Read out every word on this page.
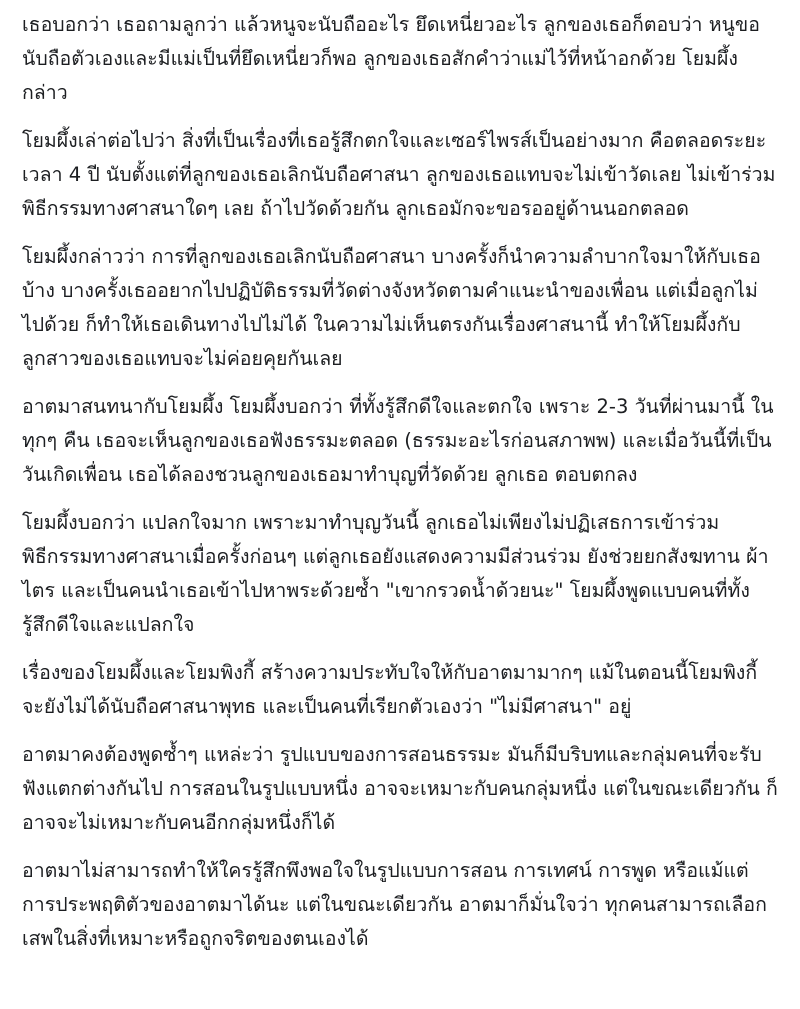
เธอบอกว่า เธอถามลูกว่า แล้วหนูจะนับถืออะไร ยึดเหนี่ยวอะไร ลูกของเธอก็ตอบว่า หนูขอนับถือตัวเองและมีแม่เป็นที่ยึดเหนี่ยวก็พอ ลูกของเธอสักคำว่าแม่ไว้ที่หน้าอกด้วย โยมผึ้งกล่าว

โยมผึ้งเล่าต่อไปว่า สิ่งที่เป็นเรื่องที่เธอรู้สึกตกใจและเซอร์ไพรส์เป็นอย่างมาก คือตลอดระยะเวลา 4 ปี นับตั้งแต่ที่ลูกของเธอเลิกนับถือศาสนา ลูกของเธอแทบจะไม่เข้าวัดเลย ไม่เข้าร่วมพิธีกรรมทางศาสนาใดๆ เลย ถ้าไปวัดด้วยกัน ลูกเธอมักจะขอรออยู่ด้านนอกตลอด

โยมผึ้งกล่าวว่า การที่ลูกของเธอเลิกนับถือศาสนา บางครั้งก็นำความลำบากใจมาให้กับเธอบ้าง บางครั้งเธออยากไปปฏิบัติธรรมที่วัดต่างจังหวัดตามคำแนะนำของเพื่อน แต่เมื่อลูกไม่ไปด้วย ก็ทำให้เธอเดินทางไปไม่ได้ ในความไม่เห็นตรงกันเรื่องศาสนานี้ ทำให้โยมผึ้งกับลูกสาวของเธอแทบจะไม่ค่อยคุยกันเลย

อาตมาสนทนากับโยมผึ้ง โยมผึ้งบอกว่า ที่ทั้งรู้สึกดีใจและตกใจ เพราะ 2-3 วันที่ผ่านมานี้ ในทุกๆ คืน เธอจะเห็นลูกของเธอฟังธรรมะตลอด (ธรรมะอะไรก่อนสภาพพ) และเมื่อวันนี้ที่เป็นวันเกิดเพื่อน เธอได้ลองชวนลูกของเธอมาทำบุญที่วัดด้วย ลูกเธอ ตอบตกลง

โยมผึ้งบอกว่า แปลกใจมาก เพราะมาทำบุญวันนี้ ลูกเธอไม่เพียงไม่ปฏิเสธการเข้าร่วมพิธีกรรมทางศาสนาเมื่อครั้งก่อนๆ แต่ลูกเธอยังแสดงความมีส่วนร่วม ยังช่วยยกสังฆทาน ผ้าไตร และเป็นคนนำเธอเข้าไปหาพระด้วยซ้ำ "เขากรวดน้ำด้วยนะ" โยมผึ้งพูดแบบคนที่ทั้งรู้สึกดีใจและแปลกใจ

เรื่องของโยมผึ้งและโยมพิงกี้ สร้างความประทับใจให้กับอาตมามากๆ แม้ในตอนนี้โยมพิงกี้จะยังไม่ได้นับถือศาสนาพุทธ และเป็นคนที่เรียกตัวเองว่า "ไม่มีศาสนา" อยู่

อาตมาคงต้องพูดซ้ำๆ แหล่ะว่า รูปแบบของการสอนธรรมะ มันก็มีบริบทและกลุ่มคนที่จะรับฟังแตกต่างกันไป การสอนในรูปแบบหนึ่ง อาจจะเหมาะกับคนกลุ่มหนึ่ง แต่ในขณะเดียวกัน ก็อาจจะไม่เหมาะกับคนอีกกลุ่มหนึ่งก็ได้

อาตมาไม่สามารถทำให้ใครรู้สึกพึงพอใจในรูปแบบการสอน การเทศน์ การพูด หรือแม้แต่การประพฤติตัวของอาตมาได้นะ แต่ในขณะเดียวกัน อาตมาก็มั่นใจว่า ทุกคนสามารถเลือกเสพในสิ่งที่เหมาะหรือถูกจริตของตนเองได้
